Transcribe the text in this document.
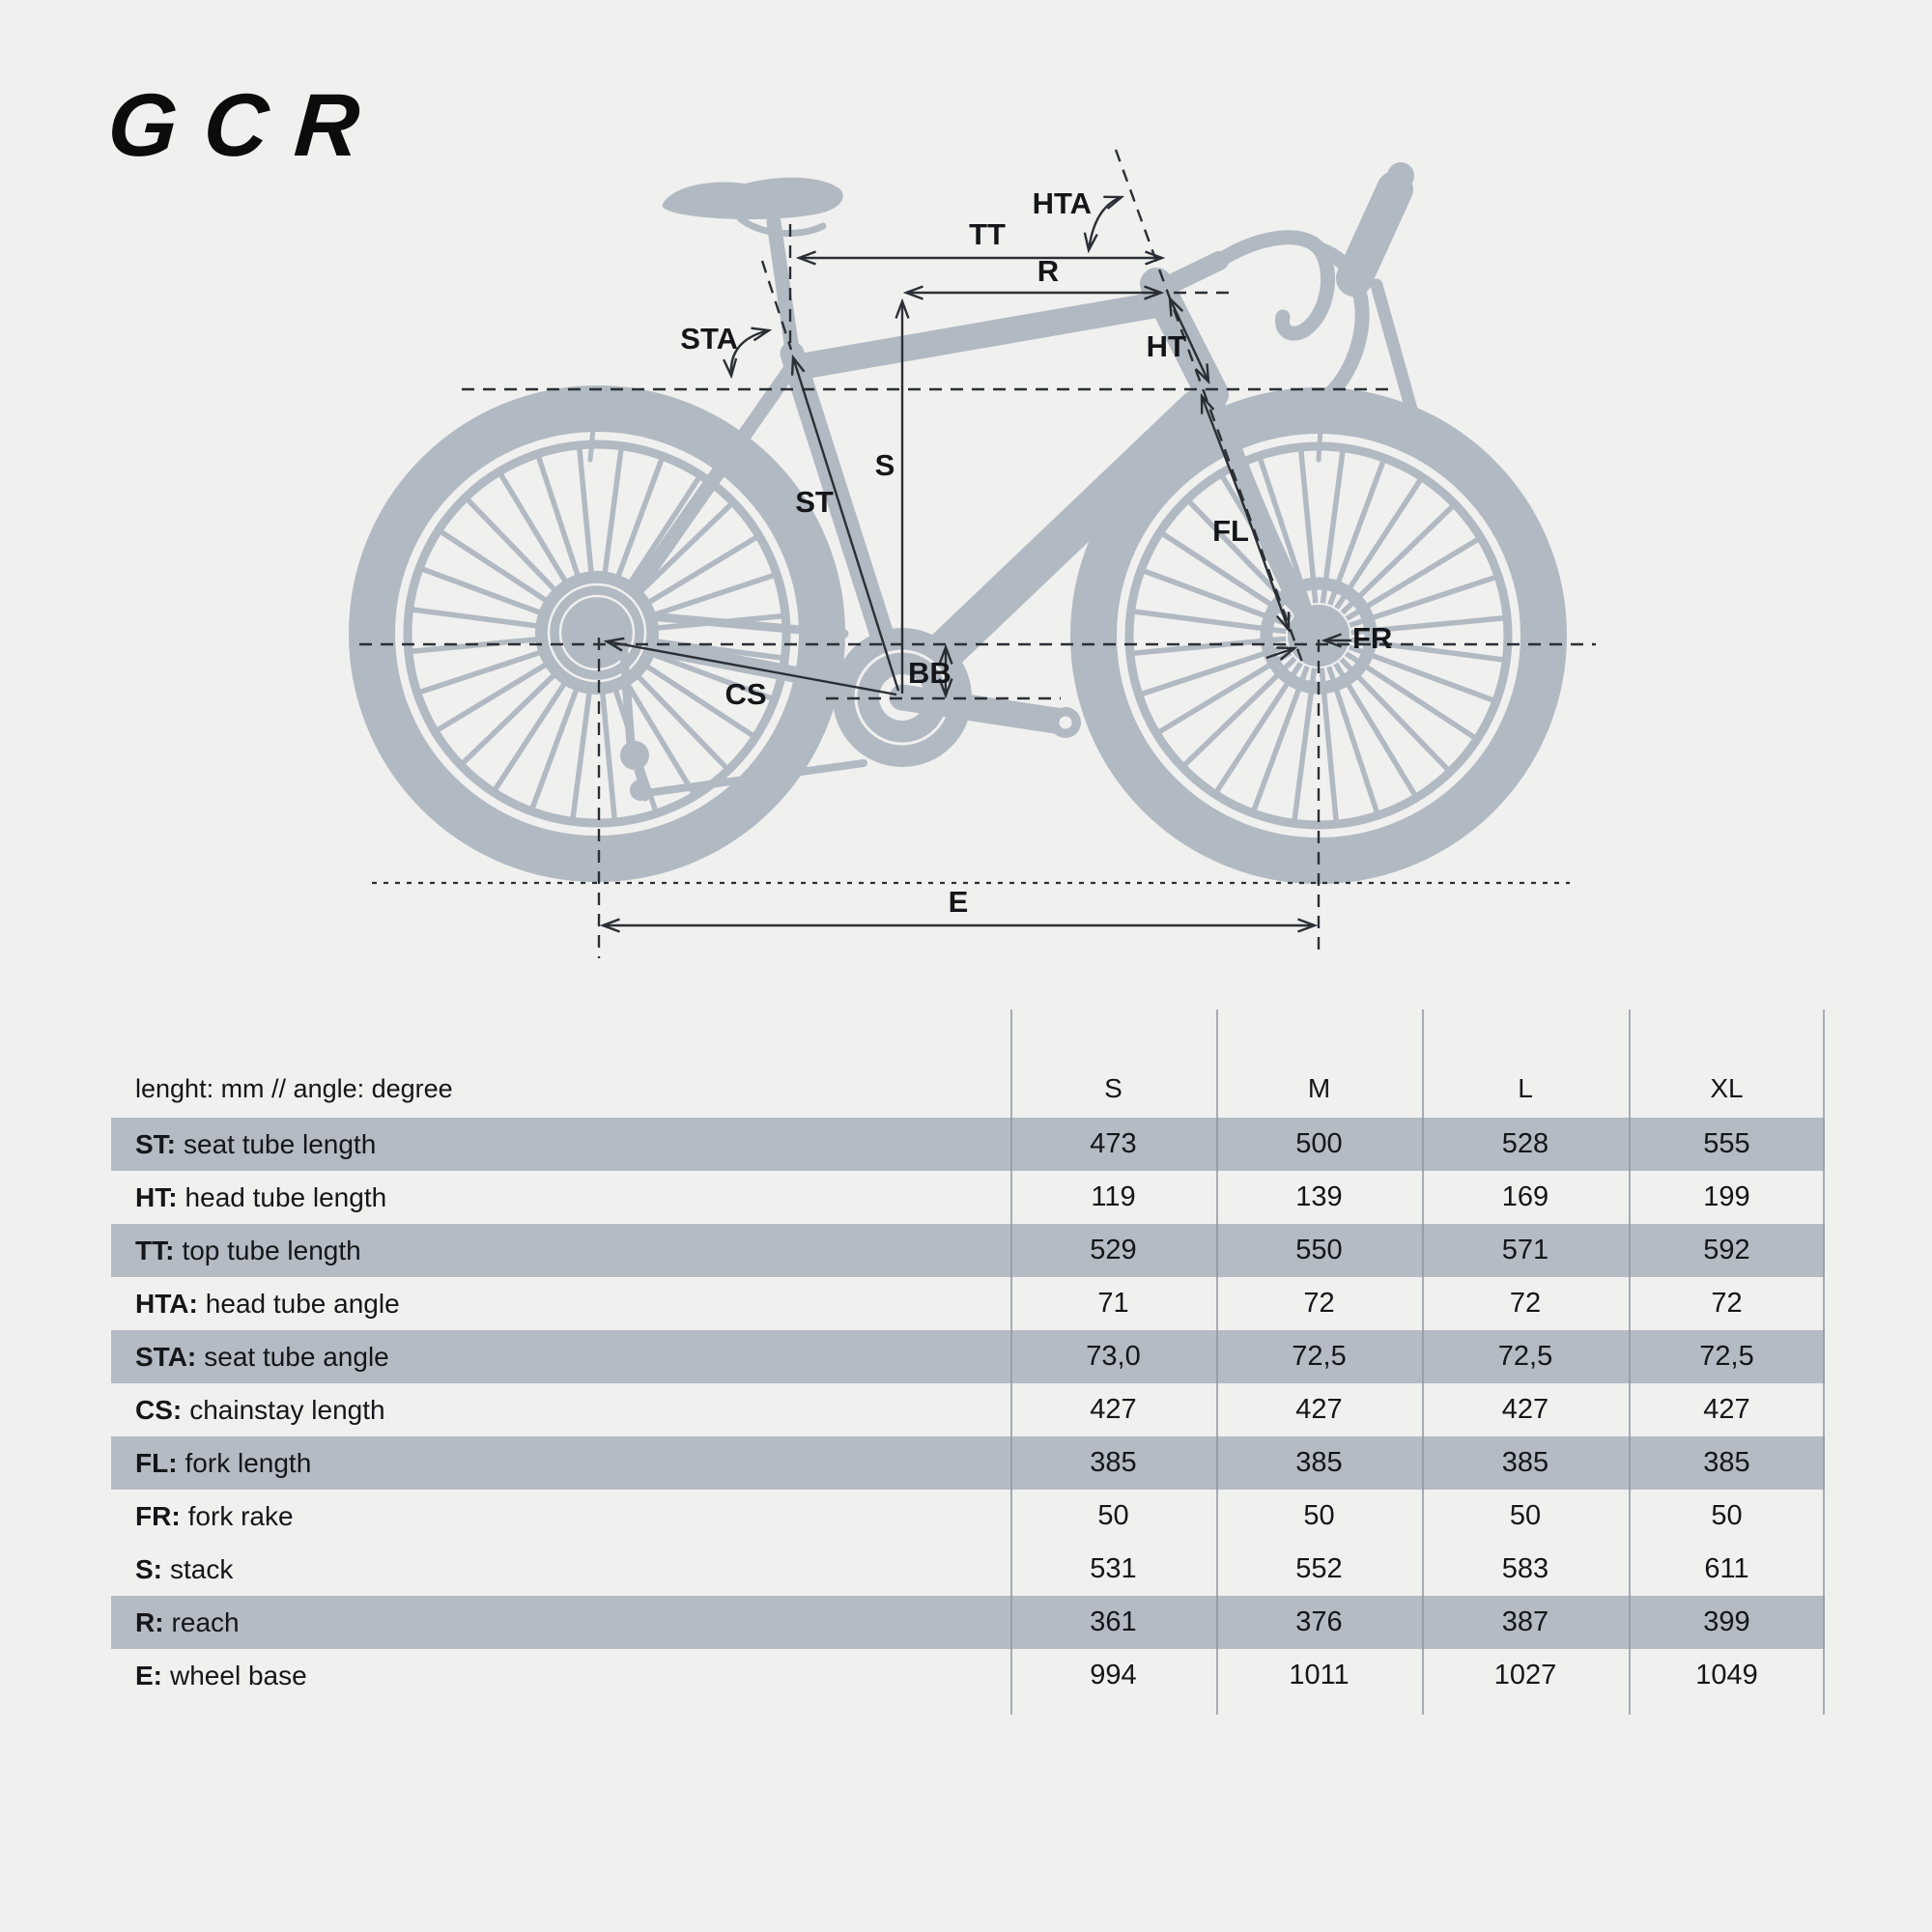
GCR
TT
R
HTA
HT
STA
ST
S
CS
BB
FL
FR
E
lenght: mm // angle: degree	S	M	L	XL
ST: seat tube length	473	500	528	555
HT: head tube length	119	139	169	199
TT: top tube length	529	550	571	592
HTA: head tube angle	71	72	72	72
STA: seat tube angle	73,0	72,5	72,5	72,5
CS: chainstay length	427	427	427	427
FL: fork length	385	385	385	385
FR: fork rake	50	50	50	50
S: stack	531	552	583	611
R: reach	361	376	387	399
E: wheel base	994	1011	1027	1049
